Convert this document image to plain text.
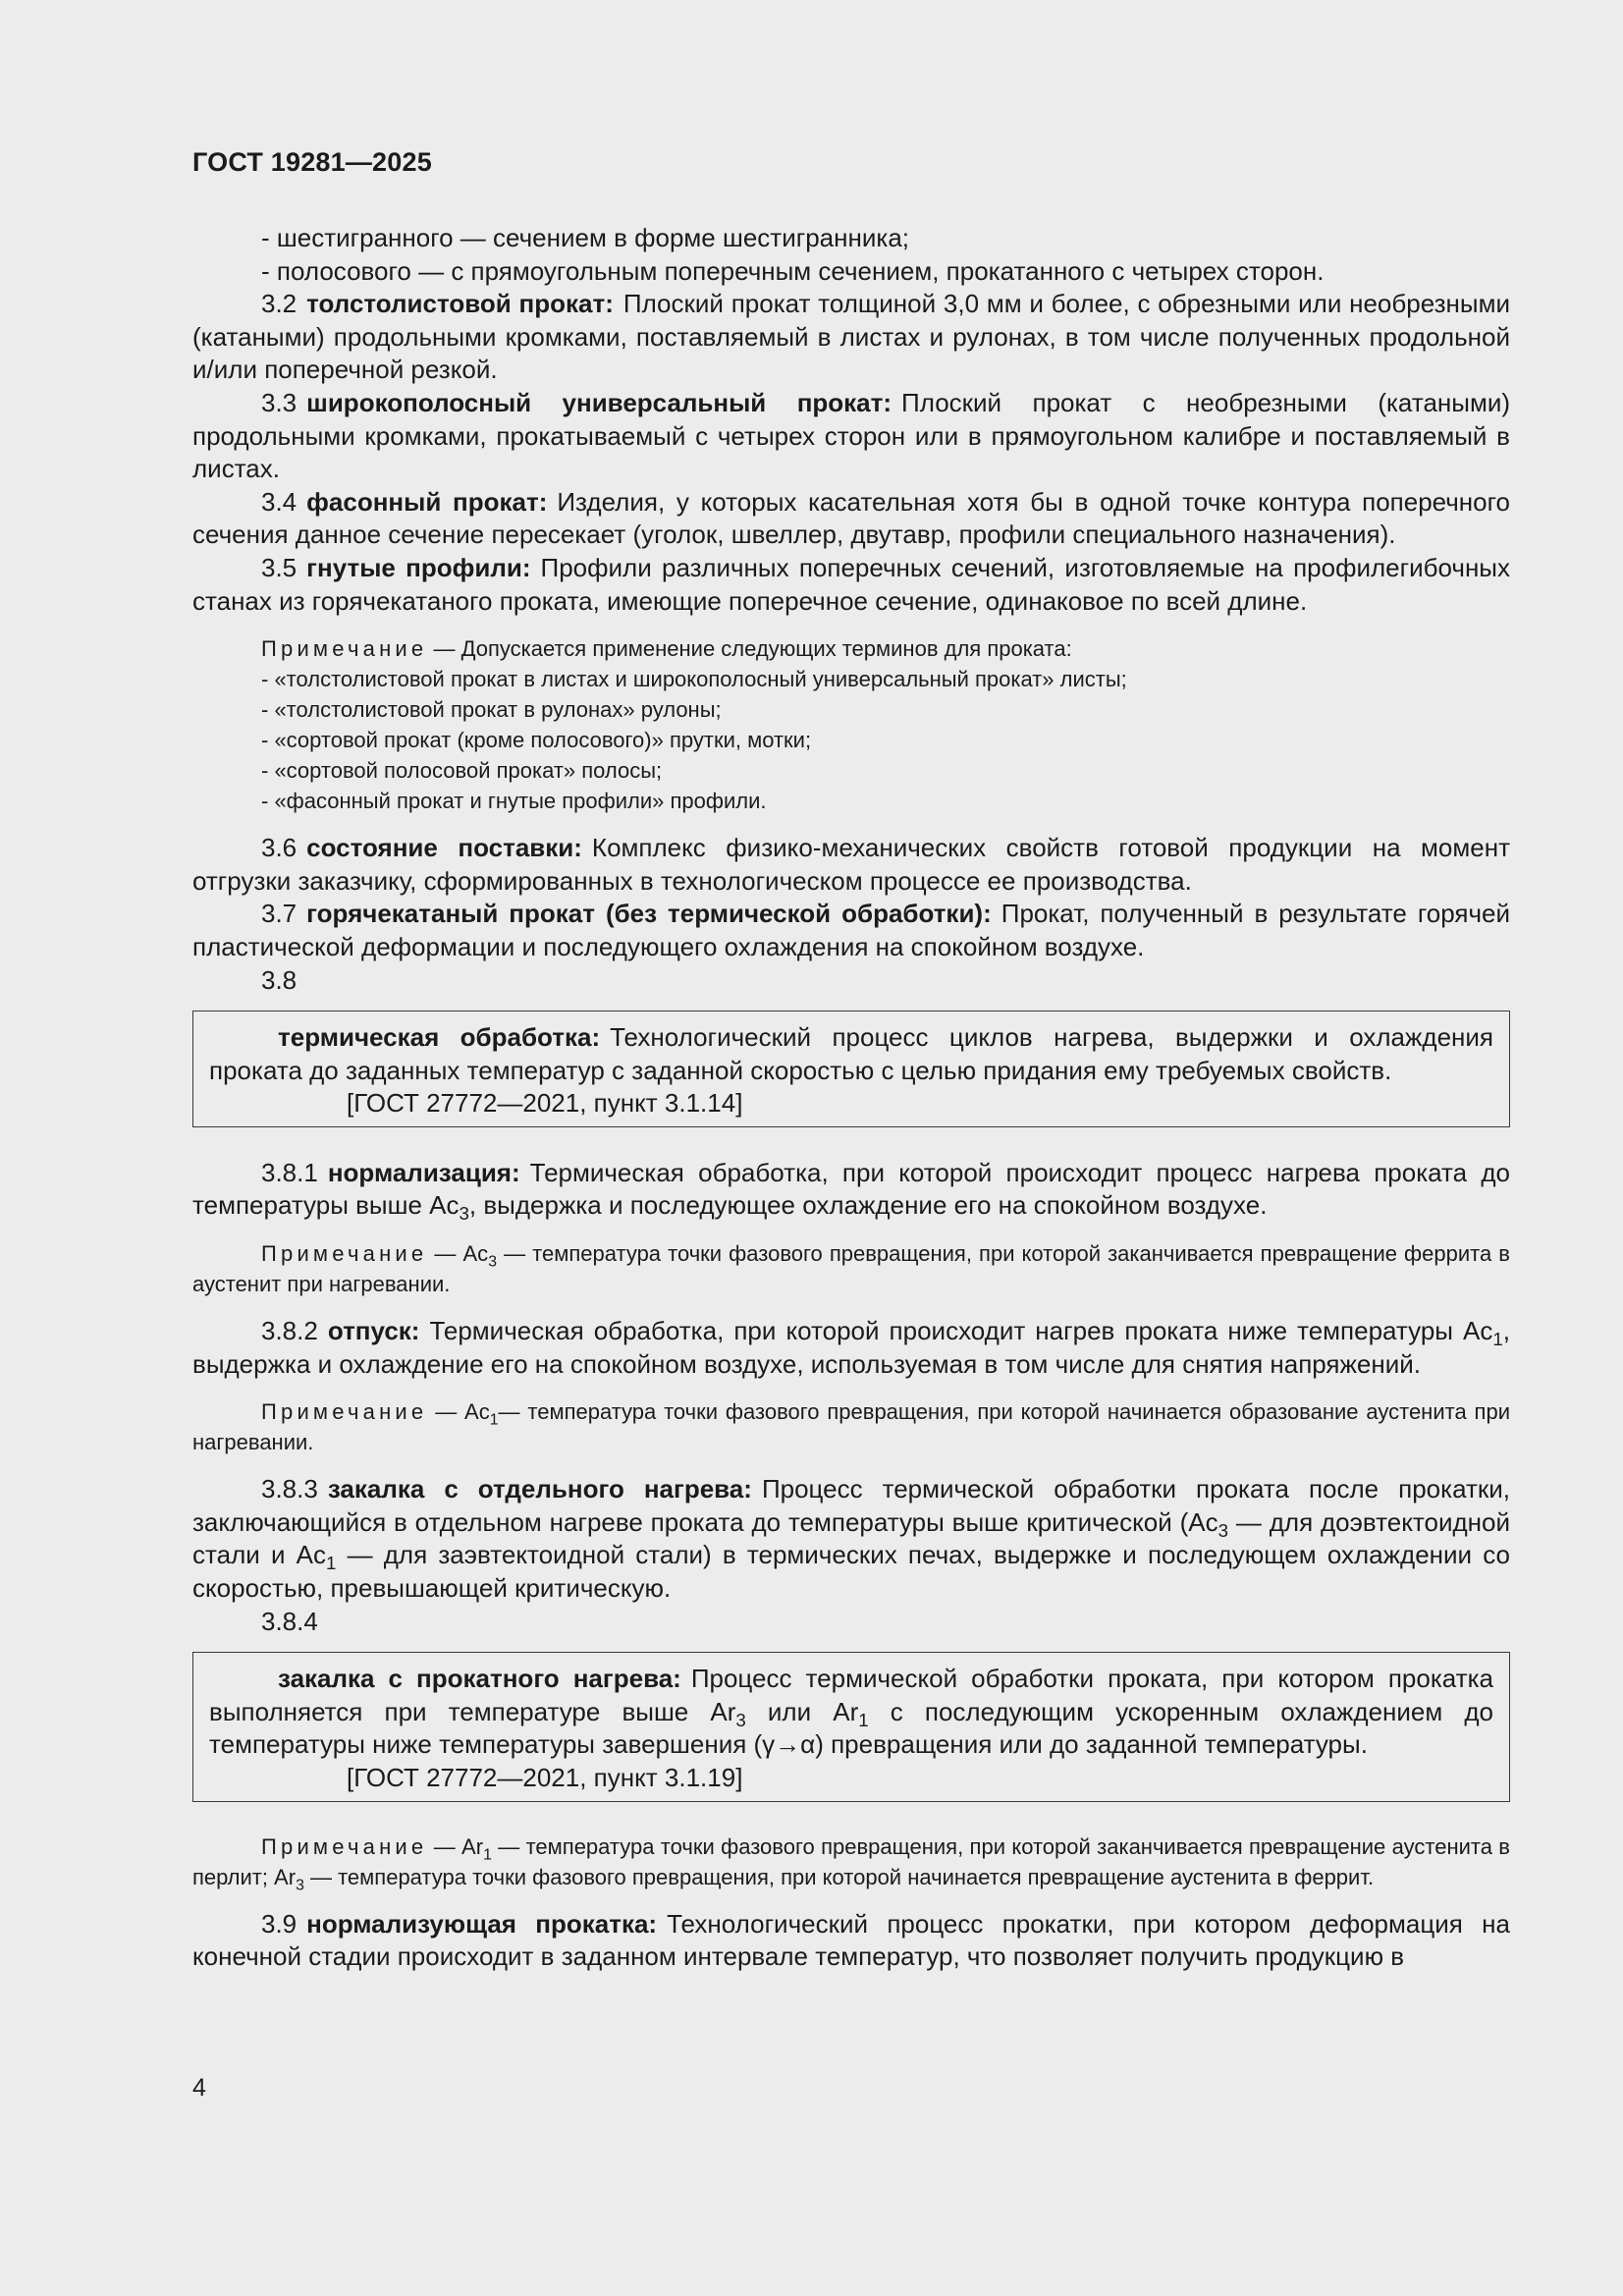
ГОСТ 19281—2025

- шестигранного — сечением в форме шестигранника;

- полосового — с прямоугольным поперечным сечением, прокатанного с четырех сторон.

3.2 толстолистовой прокат: Плоский прокат толщиной 3,0 мм и более, с обрезными или необрезными (катаными) продольными кромками, поставляемый в листах и рулонах, в том числе полученных продольной и/или поперечной резкой.

3.3 широкополосный универсальный прокат: Плоский прокат с необрезными (катаными) продольными кромками, прокатываемый с четырех сторон или в прямоугольном калибре и поставляемый в листах.

3.4 фасонный прокат: Изделия, у которых касательная хотя бы в одной точке контура поперечного сечения данное сечение пересекает (уголок, швеллер, двутавр, профили специального назначения).

3.5 гнутые профили: Профили различных поперечных сечений, изготовляемые на профилегибочных станах из горячекатаного проката, имеющие поперечное сечение, одинаковое по всей длине.

Примечание — Допускается применение следующих терминов для проката:

- «толстолистовой прокат в листах и широкополосный универсальный прокат» листы;

- «толстолистовой прокат в рулонах» рулоны;

- «сортовой прокат (кроме полосового)» прутки, мотки;

- «сортовой полосовой прокат» полосы;

- «фасонный прокат и гнутые профили» профили.

3.6 состояние поставки: Комплекс физико-механических свойств готовой продукции на момент отгрузки заказчику, сформированных в технологическом процессе ее производства.

3.7 горячекатаный прокат (без термической обработки): Прокат, полученный в результате горячей пластической деформации и последующего охлаждения на спокойном воздухе.

3.8

термическая обработка: Технологический процесс циклов нагрева, выдержки и охлаждения проката до заданных температур с заданной скоростью с целью придания ему требуемых свойств.

[ГОСТ 27772—2021, пункт 3.1.14]

3.8.1 нормализация: Термическая обработка, при которой происходит процесс нагрева проката до температуры выше $Ас_3$, выдержка и последующее охлаждение его на спокойном воздухе.

Примечание — $Ас_3$ — температура точки фазового превращения, при которой заканчивается превращение феррита в аустенит при нагревании.

3.8.2 отпуск: Термическая обработка, при которой происходит нагрев проката ниже температуры $Ас_1$, выдержка и охлаждение его на спокойном воздухе, используемая в том числе для снятия напряжений.

Примечание — $Ас_1—$ температура точки фазового превращения, при которой начинается образование аустенита при нагревании.

3.8.3 закалка с отдельного нагрева: Процесс термической обработки проката после прокатки, заключающийся в отдельном нагреве проката до температуры выше критической ($Ас_3$ — для доэвтектоидной стали и $Ас_1$ — для заэвтектоидной стали) в термических печах, выдержке и последующем охлаждении со скоростью, превышающей критическую.

3.8.4

закалка с прокатного нагрева: Процесс термической обработки проката, при котором прокатка выполняется при температуре выше $Ar_3$ или $Ar_1$ с последующим ускоренным охлаждением до температуры ниже температуры завершения (γ→α) превращения или до заданной температуры.

[ГОСТ 27772—2021, пункт 3.1.19]

Примечание — $Ar_1$ — температура точки фазового превращения, при которой заканчивается превращение аустенита в перлит; $Ar_3$ — температура точки фазового превращения, при которой начинается превращение аустенита в феррит.

3.9 нормализующая прокатка: Технологический процесс прокатки, при котором деформация на конечной стадии происходит в заданном интервале температур, что позволяет получить продукцию в

4
